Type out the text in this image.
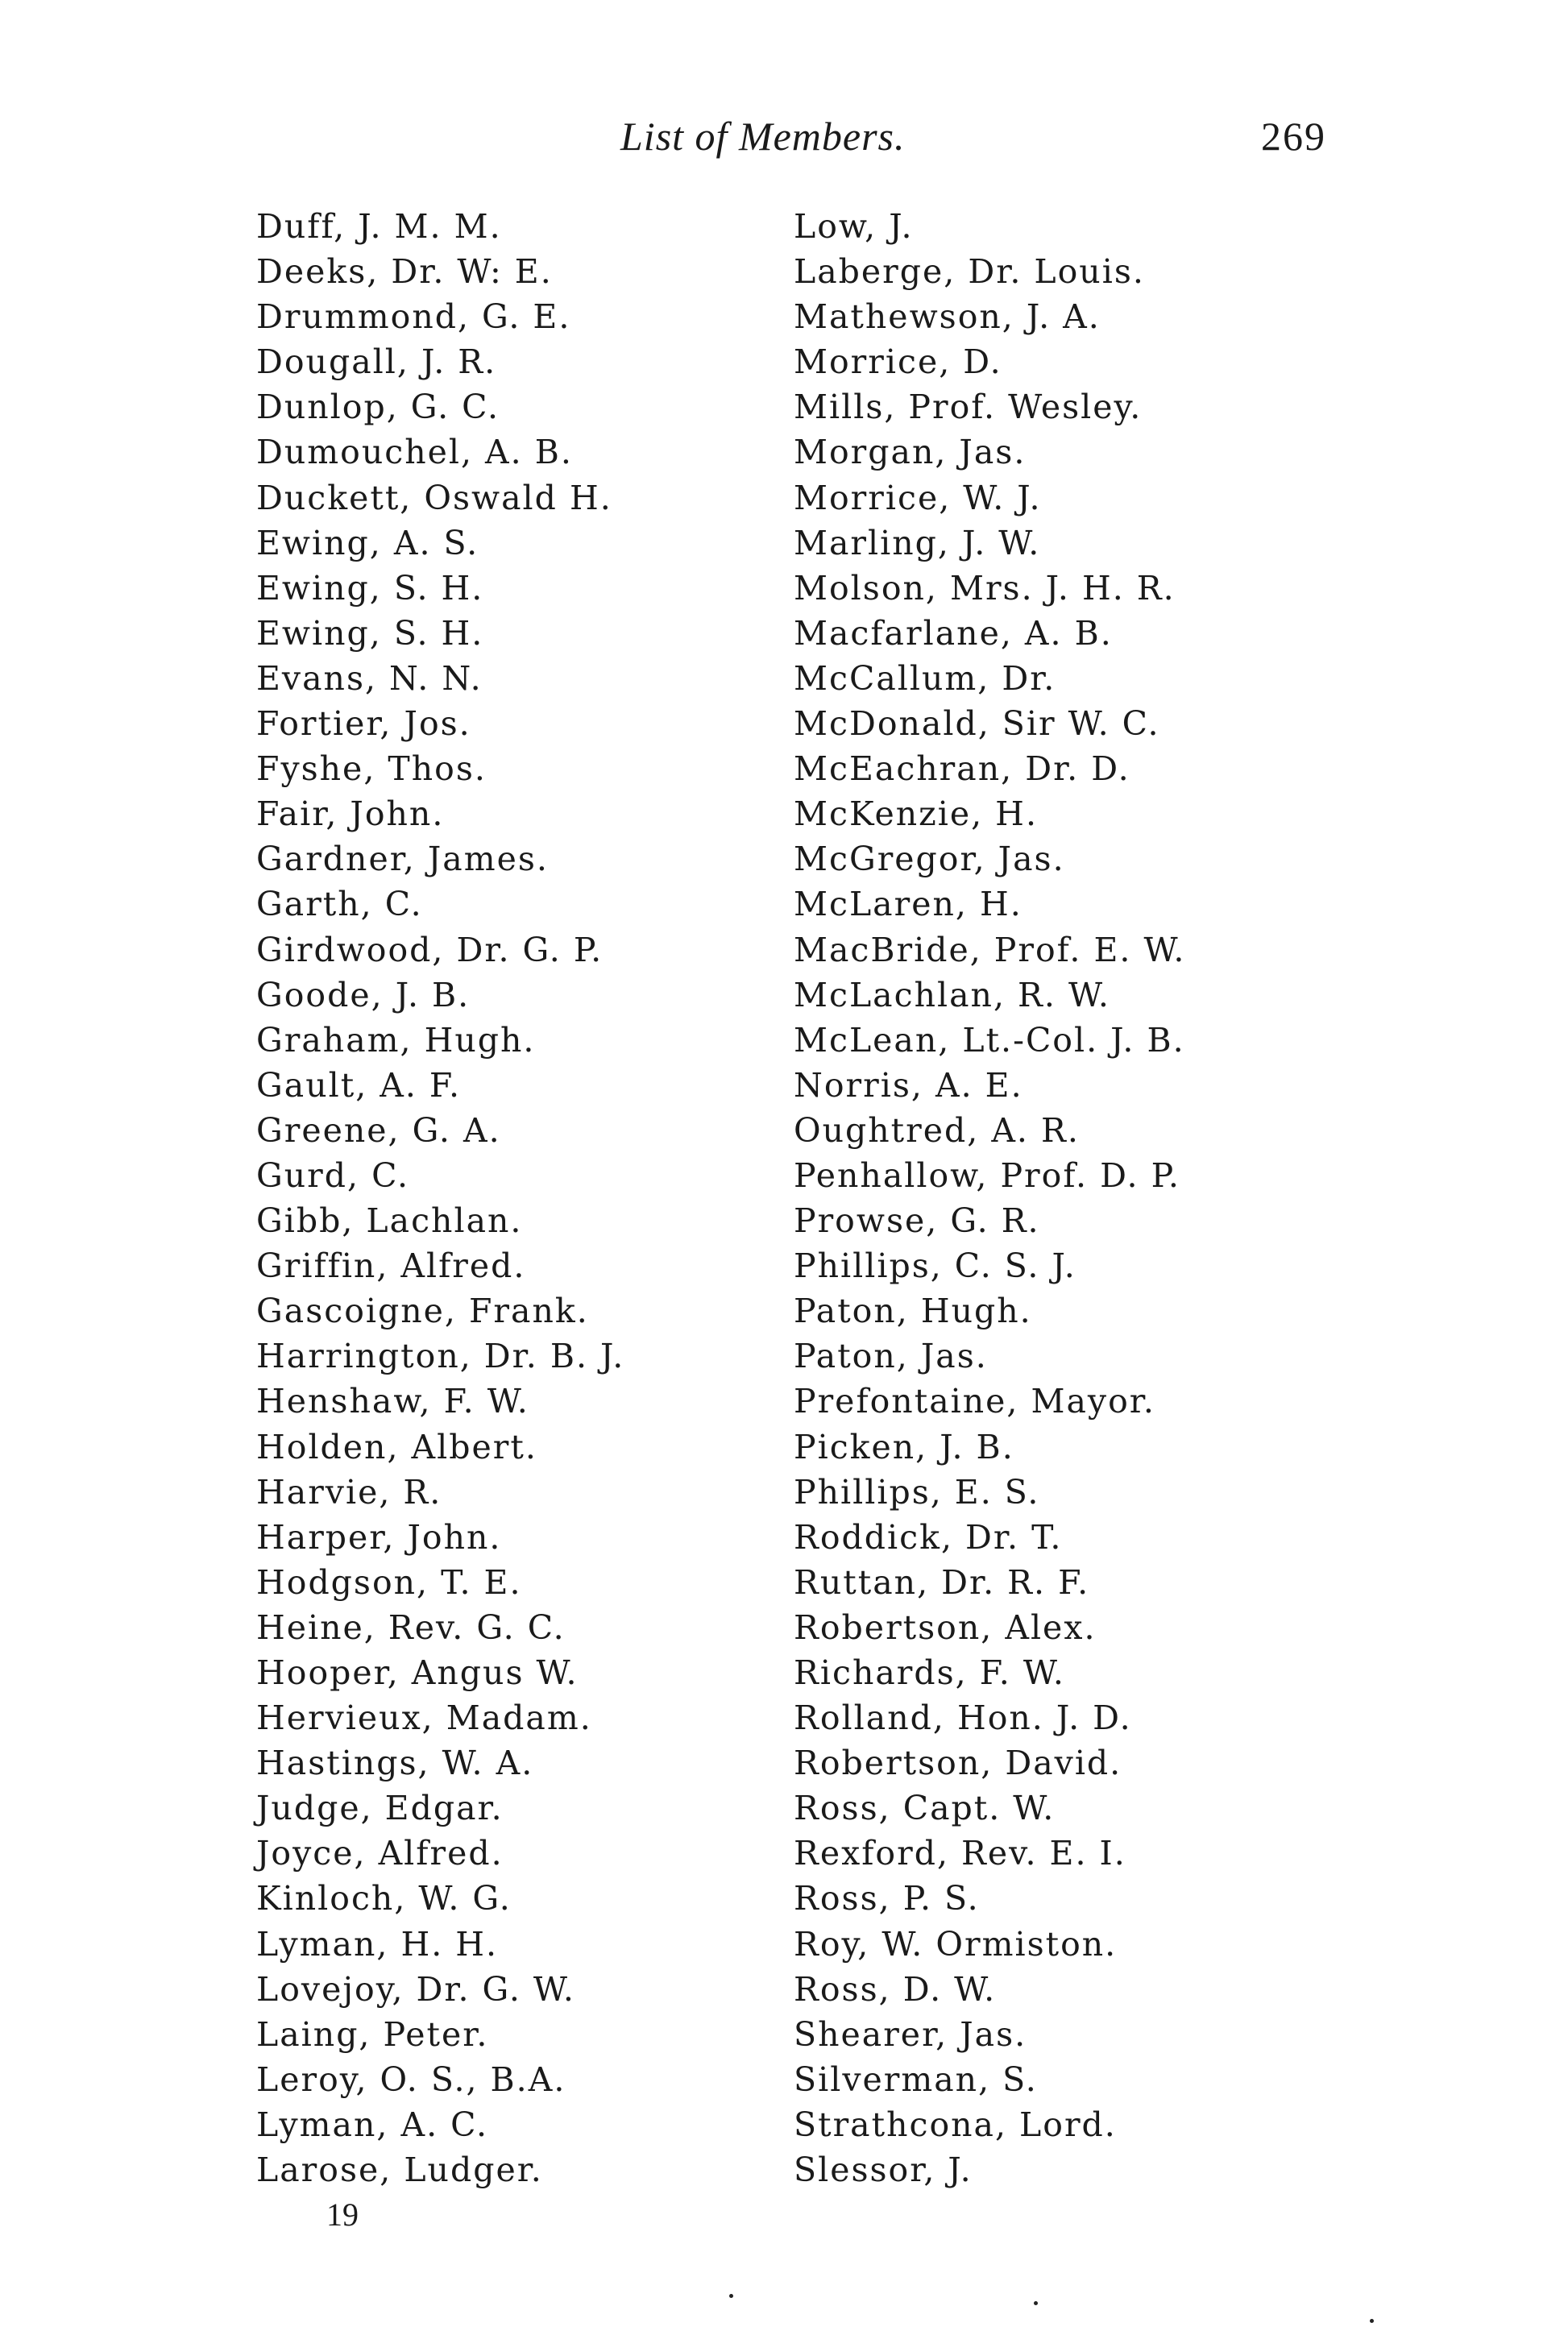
List of Members.	269
Duff, J. M. M.
Deeks, Dr. W: E.
Drummond, G. E.
Dougall, J. R.
Dunlop, G. C.
Dumouchel, A. B.
Duckett, Oswald H.
Ewing, A. S.
Ewing, S. H.
Ewing, S. H.
Evans, N. N.
Fortier, Jos.
Fyshe, Thos.
Fair, John.
Gardner, James.
Garth, C.
Girdwood, Dr. G. P.
Goode, J. B.
Graham, Hugh.
Gault, A. F.
Greene, G. A.
Gurd, C.
Gibb, Lachlan.
Griffin, Alfred.
Gascoigne, Frank.
Harrington, Dr. B. J.
Henshaw, F. W.
Holden, Albert.
Harvie, R.
Harper, John.
Hodgson, T. E.
Heine, Rev. G. C.
Hooper, Angus W.
Hervieux, Madam.
Hastings, W. A.
Judge, Edgar.
Joyce, Alfred.
Kinloch, W. G.
Lyman, H. H.
Lovejoy, Dr. G. W.
Laing, Peter.
Leroy, O. S., B.A.
Lyman, A. C.
Larose, Ludger.
Low, J.
Laberge, Dr. Louis.
Mathewson, J. A.
Morrice, D.
Mills, Prof. Wesley.
Morgan, Jas.
Morrice, W. J.
Marling, J. W.
Molson, Mrs. J. H. R.
Macfarlane, A. B.
McCallum, Dr.
McDonald, Sir W. C.
McEachran, Dr. D.
McKenzie, H.
McGregor, Jas.
McLaren, H.
MacBride, Prof. E. W.
McLachlan, R. W.
McLean, Lt.-Col. J. B.
Norris, A. E.
Oughtred, A. R.
Penhallow, Prof. D. P.
Prowse, G. R.
Phillips, C. S. J.
Paton, Hugh.
Paton, Jas.
Prefontaine, Mayor.
Picken, J. B.
Phillips, E. S.
Roddick, Dr. T.
Ruttan, Dr. R. F.
Robertson, Alex.
Richards, F. W.
Rolland, Hon. J. D.
Robertson, David.
Ross, Capt. W.
Rexford, Rev. E. I.
Ross, P. S.
Roy, W. Ormiston.
Ross, D. W.
Shearer, Jas.
Silverman, S.
Strathcona, Lord.
Slessor, J.
19
